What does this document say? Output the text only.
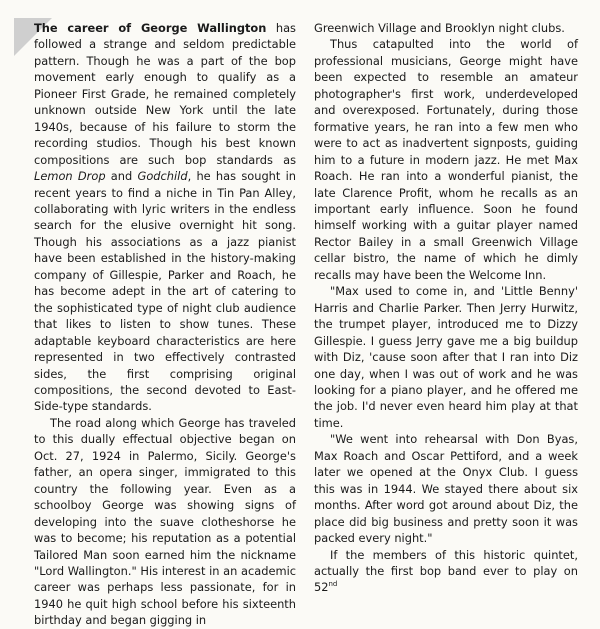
The career of George Wallington has followed a strange and seldom predictable pattern. Though he was a part of the bop movement early enough to qualify as a Pioneer First Grade, he remained completely unknown outside New York until the late 1940s, because of his failure to storm the recording studios. Though his best known compositions are such bop standards as Lemon Drop and Godchild, he has sought in recent years to find a niche in Tin Pan Alley, collaborating with lyric writers in the endless search for the elusive overnight hit song. Though his associations as a jazz pianist have been established in the history-making company of Gillespie, Parker and Roach, he has become adept in the art of catering to the sophisticated type of night club audience that likes to listen to show tunes. These adaptable keyboard characteristics are here represented in two effectively contrasted sides, the first comprising original compositions, the second devoted to East-Side-type standards.

The road along which George has traveled to this dually effectual objective began on Oct. 27, 1924 in Palermo, Sicily. George's father, an opera singer, immigrated to this country the following year. Even as a schoolboy George was showing signs of developing into the suave clotheshorse he was to become; his reputation as a potential Tailored Man soon earned him the nickname "Lord Wallington." His interest in an academic career was perhaps less passionate, for in 1940 he quit high school before his sixteenth birthday and began gigging in

Greenwich Village and Brooklyn night clubs.

Thus catapulted into the world of professional musicians, George might have been expected to resemble an amateur photographer's first work, underdeveloped and overexposed. Fortunately, during those formative years, he ran into a few men who were to act as inadvertent signposts, guiding him to a future in modern jazz. He met Max Roach. He ran into a wonderful pianist, the late Clarence Profit, whom he recalls as an important early influence. Soon he found himself working with a guitar player named Rector Bailey in a small Greenwich Village cellar bistro, the name of which he dimly recalls may have been the Welcome Inn.

"Max used to come in, and 'Little Benny' Harris and Charlie Parker. Then Jerry Hurwitz, the trumpet player, introduced me to Dizzy Gillespie. I guess Jerry gave me a big buildup with Diz, 'cause soon after that I ran into Diz one day, when I was out of work and he was looking for a piano player, and he offered me the job. I'd never even heard him play at that time.

"We went into rehearsal with Don Byas, Max Roach and Oscar Pettiford, and a week later we opened at the Onyx Club. I guess this was in 1944. We stayed there about six months. After word got around about Diz, the place did big business and pretty soon it was packed every night."

If the members of this historic quintet, actually the first bop band ever to play on 52nd
